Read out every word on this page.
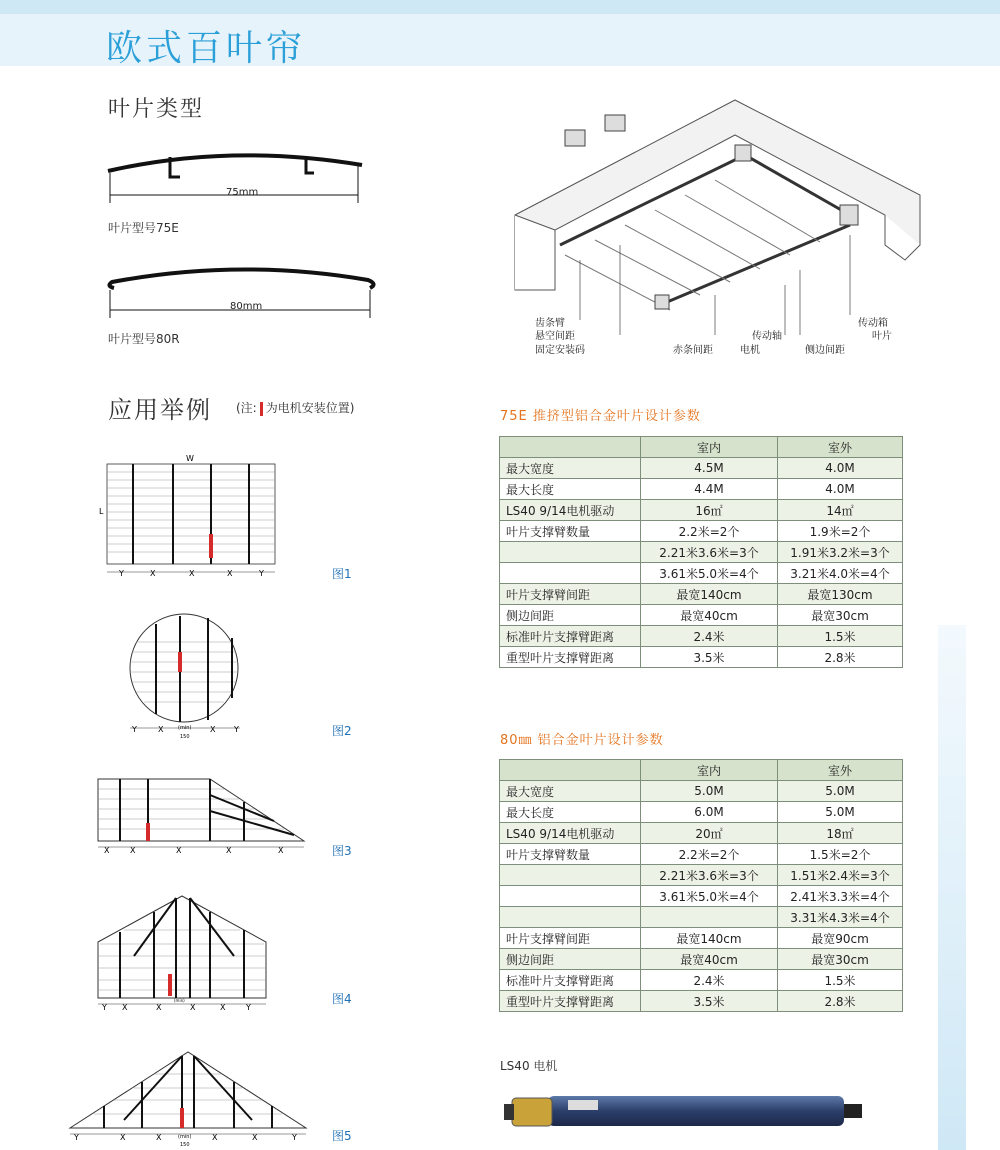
欧式百叶帘
叶片类型
75mm
叶片型号75E
80mm
叶片型号80R
齿条臂
悬空间距
固定安装码	赤条间距
传动轴
电机	侧边间距
传动箱
叶片
应用举例 (注: 为电机安装位置)
W
L
Y	X	X	X	Y	图1
Y	X	(min)
150
X Y	图2
X	X	X	X	X	图3
Y X	X
(min)
X	X	Y
图4
Y	X	X	(min)
150
X	X	Y	图5
75E 推挤型铝合金叶片设计参数
	室内	室外
最大宽度	4.5M	4.0M
最大长度	4.4M	4.0M
LS40 9/14电机驱动	16㎡	14㎡
叶片支撑臂数量	2.2米=2个	1.9米=2个
	2.21米3.6米=3个	1.91米3.2米=3个
	3.61米5.0米=4个	3.21米4.0米=4个
叶片支撑臂间距	最宽140cm	最宽130cm
侧边间距	最宽40cm	最宽30cm
标准叶片支撑臂距离	2.4米	1.5米
重型叶片支撑臂距离	3.5米	2.8米
80㎜ 铝合金叶片设计参数
	室内	室外
最大宽度	5.0M	5.0M
最大长度	6.0M	5.0M
LS40 9/14电机驱动	20㎡	18㎡
叶片支撑臂数量	2.2米=2个	1.5米=2个
	2.21米3.6米=3个	1.51米2.4米=3个
	3.61米5.0米=4个	2.41米3.3米=4个
		3.31米4.3米=4个
叶片支撑臂间距	最宽140cm	最宽90cm
侧边间距	最宽40cm	最宽30cm
标准叶片支撑臂距离	2.4米	1.5米
重型叶片支撑臂距离	3.5米	2.8米
LS40 电机
